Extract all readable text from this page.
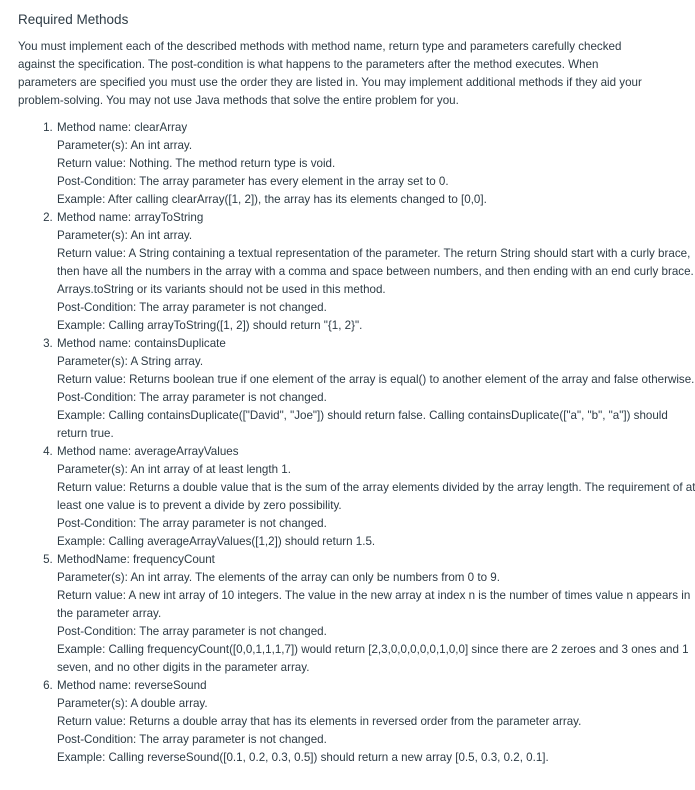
Required Methods

You must implement each of the described methods with method name, return type and parameters carefully checked against the specification. The post-condition is what happens to the parameters after the method executes. When parameters are specified you must use the order they are listed in. You may implement additional methods if they aid your problem-solving. You may not use Java methods that solve the entire problem for you.

1. Method name: clearArray
Parameter(s): An int array.
Return value: Nothing. The method return type is void.
Post-Condition: The array parameter has every element in the array set to 0.
Example: After calling clearArray([1, 2]), the array has its elements changed to [0,0].
2. Method name: arrayToString
Parameter(s): An int array.
Return value: A String containing a textual representation of the parameter. The return String should start with a curly brace, then have all the numbers in the array with a comma and space between numbers, and then ending with an end curly brace. Arrays.toString or its variants should not be used in this method.
Post-Condition: The array parameter is not changed.
Example: Calling arrayToString([1, 2]) should return "{1, 2}".
3. Method name: containsDuplicate
Parameter(s): A String array.
Return value: Returns boolean true if one element of the array is equal() to another element of the array and false otherwise.
Post-Condition: The array parameter is not changed.
Example: Calling containsDuplicate(["David", "Joe"]) should return false. Calling containsDuplicate(["a", "b", "a"]) should return true.
4. Method name: averageArrayValues
Parameter(s): An int array of at least length 1.
Return value: Returns a double value that is the sum of the array elements divided by the array length. The requirement of at least one value is to prevent a divide by zero possibility.
Post-Condition: The array parameter is not changed.
Example: Calling averageArrayValues([1,2]) should return 1.5.
5. MethodName: frequencyCount
Parameter(s): An int array. The elements of the array can only be numbers from 0 to 9.
Return value: A new int array of 10 integers. The value in the new array at index n is the number of times value n appears in the parameter array.
Post-Condition: The array parameter is not changed.
Example: Calling frequencyCount([0,0,1,1,1,7]) would return [2,3,0,0,0,0,0,1,0,0] since there are 2 zeroes and 3 ones and 1 seven, and no other digits in the parameter array.
6. Method name: reverseSound
Parameter(s): A double array.
Return value: Returns a double array that has its elements in reversed order from the parameter array.
Post-Condition: The array parameter is not changed.
Example: Calling reverseSound([0.1, 0.2, 0.3, 0.5]) should return a new array [0.5, 0.3, 0.2, 0.1].
